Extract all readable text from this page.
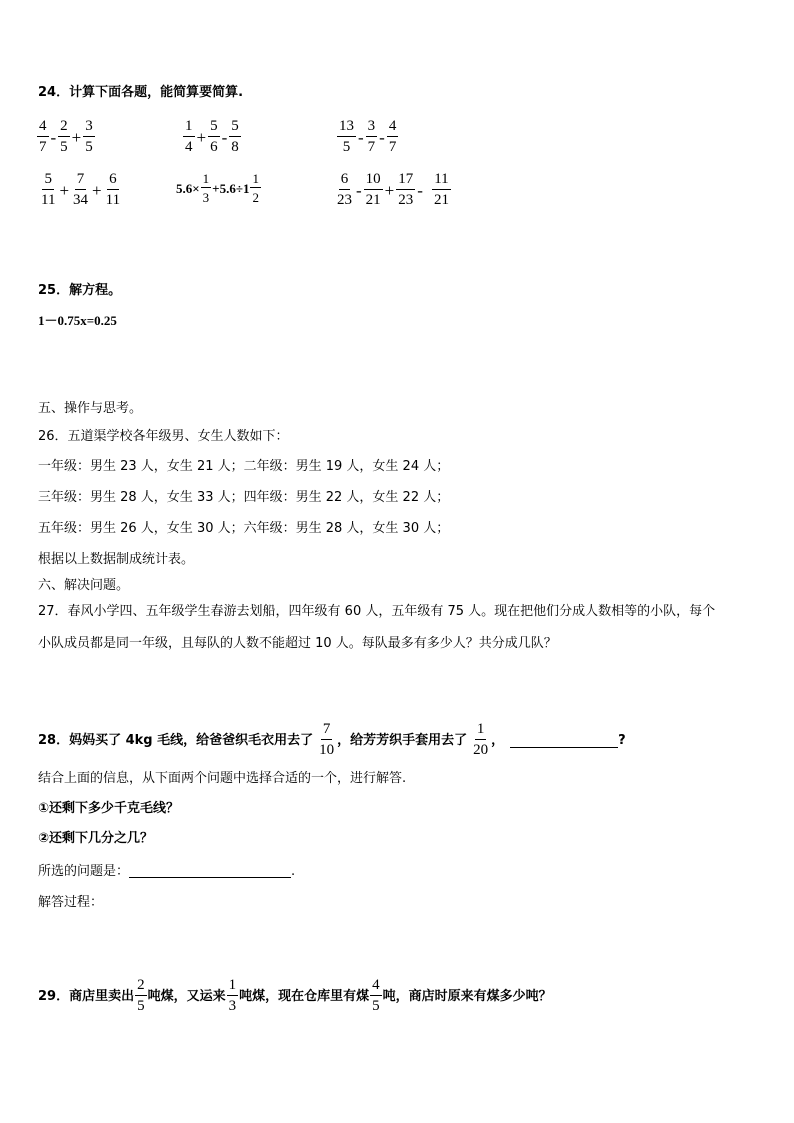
24．计算下面各题，能简算要简算.
4
7
-
2
5
+ $\frac{3}{5}$	1
4
+ $\frac{5}{6}$ -
5
8
13
5
-
3
7
-
4
7
5
11
+ $\frac{7}{34} + \frac{6}{11}$	$5.6\times \frac{1}{3} +5.6\div 1$
1
2
6
23
-
10
21
+ $\frac{17}{23}$ -
11
21
25．解方程。
1－0.75x=0.25
五、操作与思考。
26．五道渠学校各年级男、女生人数如下：
一年级：男生 23 人，女生 21 人；二年级：男生 19 人，女生 24 人；
三年级：男生 28 人，女生 33 人；四年级：男生 22 人，女生 22 人；
五年级：男生 26 人，女生 30 人；六年级：男生 28 人，女生 30 人；
根据以上数据制成统计表。
六、解决问题。
27．春风小学四、五年级学生春游去划船，四年级有 60 人，五年级有 75 人。现在把他们分成人数相等的小队，每个
小队成员都是同一年级，且每队的人数不能超过 10 人。每队最多有多少人？共分成几队？
28．妈妈买了 4kg 毛线，给爸爸织毛衣用去了
7
10
，给芳芳织手套用去了
1
20
，	?
结合上面的信息，从下面两个问题中选择合适的一个，进行解答.
①还剩下多少千克毛线？
②还剩下几分之几？
所选的问题是：	.
解答过程：
29．商店里卖出
2
5
吨煤，又运来
1
3
吨煤，现在仓库里有煤
4
5
吨，商店时原来有煤多少吨？
